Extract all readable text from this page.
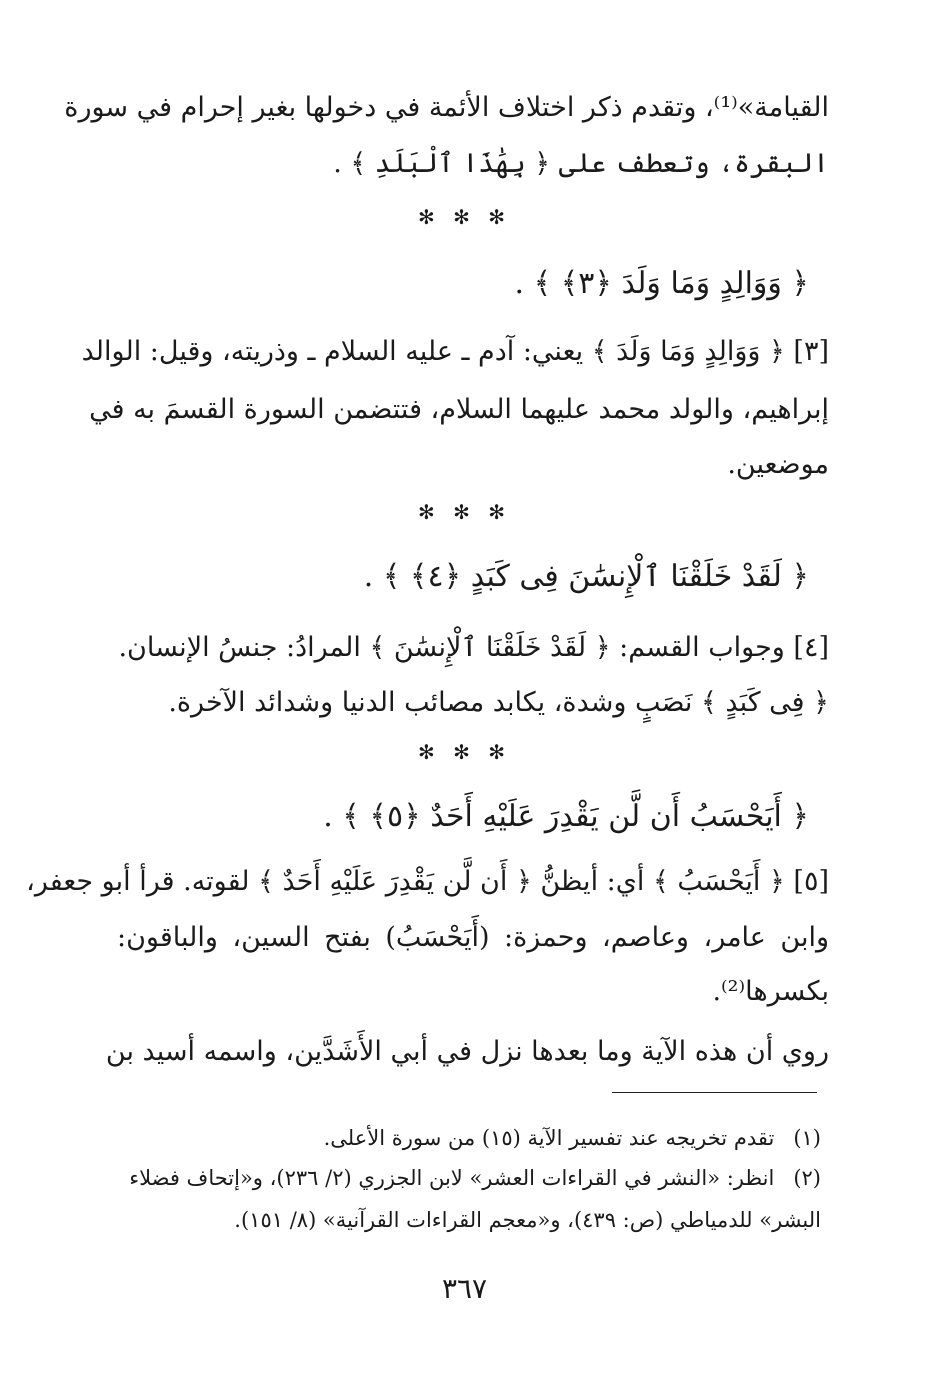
القيامة»⁽¹⁾، وتقدم ذكر اختلاف الأئمة في دخولها بغير إحرام في سورة
البقرة، وتعطف على ﴿ بِهَٰذَا ٱلْبَلَدِ ﴾ .
✻ ✻ ✻
﴿ وَوَالِدٍ وَمَا وَلَدَ ﴿٣﴾ ﴾ .
[٣] ﴿ وَوَالِدٍ وَمَا وَلَدَ ﴾ يعني: آدم ـ عليه السلام ـ وذريته، وقيل: الوالد
إبراهيم، والولد محمد عليهما السلام، فتتضمن السورة القسمَ به في
موضعين.
✻ ✻ ✻
﴿ لَقَدْ خَلَقْنَا ٱلْإِنسَٰنَ فِى كَبَدٍ ﴿٤﴾ ﴾ .
[٤] وجواب القسم: ﴿ لَقَدْ خَلَقْنَا ٱلْإِنسَٰنَ ﴾ المرادُ: جنسُ الإنسان.
﴿ فِى كَبَدٍ ﴾ نَصَبٍ وشدة، يكابد مصائب الدنيا وشدائد الآخرة.
✻ ✻ ✻
﴿ أَيَحْسَبُ أَن لَّن يَقْدِرَ عَلَيْهِ أَحَدٌ ﴿٥﴾ ﴾ .
[٥] ﴿ أَيَحْسَبُ ﴾ أي: أيظنُّ ﴿ أَن لَّن يَقْدِرَ عَلَيْهِ أَحَدٌ ﴾ لقوته. قرأ أبو جعفر،
وابن عامر، وعاصم، وحمزة: (أَيَحْسَبُ) بفتح السين، والباقون:
بكسرها⁽²⁾.
روي أن هذه الآية وما بعدها نزل في أبي الأَشَدَّين، واسمه أسيد بن
(١) تقدم تخريجه عند تفسير الآية (١٥) من سورة الأعلى.
(٢) انظر: «النشر في القراءات العشر» لابن الجزري (٢/ ٢٣٦)، و«إتحاف فضلاء
البشر» للدمياطي (ص: ٤٣٩)، و«معجم القراءات القرآنية» (٨/ ١٥١).
٣٦٧
